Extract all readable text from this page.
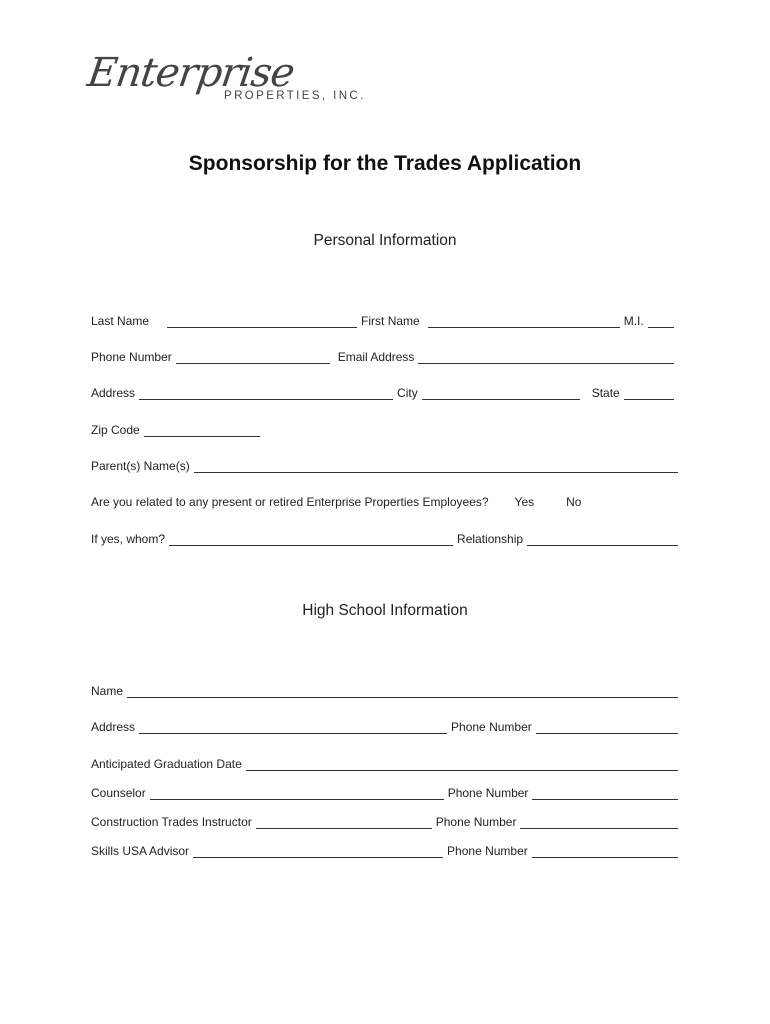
Enterprise
PROPERTIES, INC.
Sponsorship for the Trades Application
Personal Information
Last Name	First Name	M.I.
Phone Number	Email Address
Address	City	State
Zip Code
Parent(s) Name(s)
Are you related to any present or retired Enterprise Properties Employees? Yes	No
If yes, whom?	Relationship
High School Information
Name
Address	Phone Number
Anticipated Graduation Date
Counselor	Phone Number
Construction Trades Instructor	Phone Number
Skills USA Advisor	Phone Number
